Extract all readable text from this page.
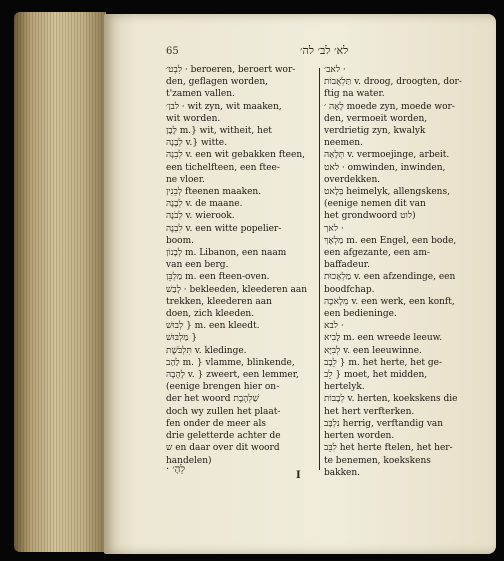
65	לא׳ לב׳ לה׳
לִבְט׳ · beroeren, beroert wor-
den, geflagen worden,
t'zamen vallen.
לבן׳ · wit zyn, wit maaken,
wit worden.
לָבָן m.} wit, witheit, het
לְבָנָה v.} witte.
לְבֵנָה v. een wit gebakken fteen,
een tichelfteen, een ftee-
ne vloer.
לְבֵנִין fteenen maaken.
לְבָנָה v. de maane.
לְבֹנָה v. wierook.
לִבְנֶה v. een witte popelier-
boom.
לְבָנוֹן m. Libanon, een naam
van een berg.
מַלְבֵּן m. een fteen-oven.
לָבַשׁ · bekleeden, kleederen aan
trekken, kleederen aan
doen, zich kleeden.
לְבוּשׁ } m. een kleedt.
מַלְבּוּשׁ }
תִּלְבֹּשֶׁת v. kledinge.
לַהַב m. } vlamme, blinkende,
לֶהָבָה v. } zweert, een lemmer,
(eenige brengen hier on-
der het woord שַׁלְהֶבֶת
doch wy zullen het plaat-
fen onder de meer als
drie geletterde achter de
ש en daar over dit woord
handelen)
לאב׳ ·
תַּלְאֻבוֹת v. droog, droogten, dor-
ftig na water.
לָאָה ׳ moede zyn, moede wor-
den, vermoeit worden,
verdrietig zyn, kwalyk
neemen.
תְּלָאָה v. vermoejinge, arbeit.
לאט · omwinden, inwinden,
overdekken.
בְּלָאט heimelyk, allengskens,
(eenige nemen dit van
het grondwoord לוט)
לאך ·
מַלְאָךְ m. een Engel, een bode,
een afgezante, een am-
baffadeur.
מַלְאָכוּת v. een afzendinge, een
boodfchap.
מְלָאכָה v. een werk, een konft,
een bedieninge.
לבא ·
לָבִיא m. een wreede leeuw.
לְבִיָּא v. een leeuwinne.
לֵבָב } m. het herte, het ge-
לֵב } moet, het midden,
hertelyk.
לְבָבוֹת v. herten, koekskens die
het hert verfterken.
נִלְבָּב herrig, verftandig van
herten worden.
לִבֵּב het herte ftelen, het her-
te benemen, koekskens
bakken.
לֵהֶ׳ ·
I
